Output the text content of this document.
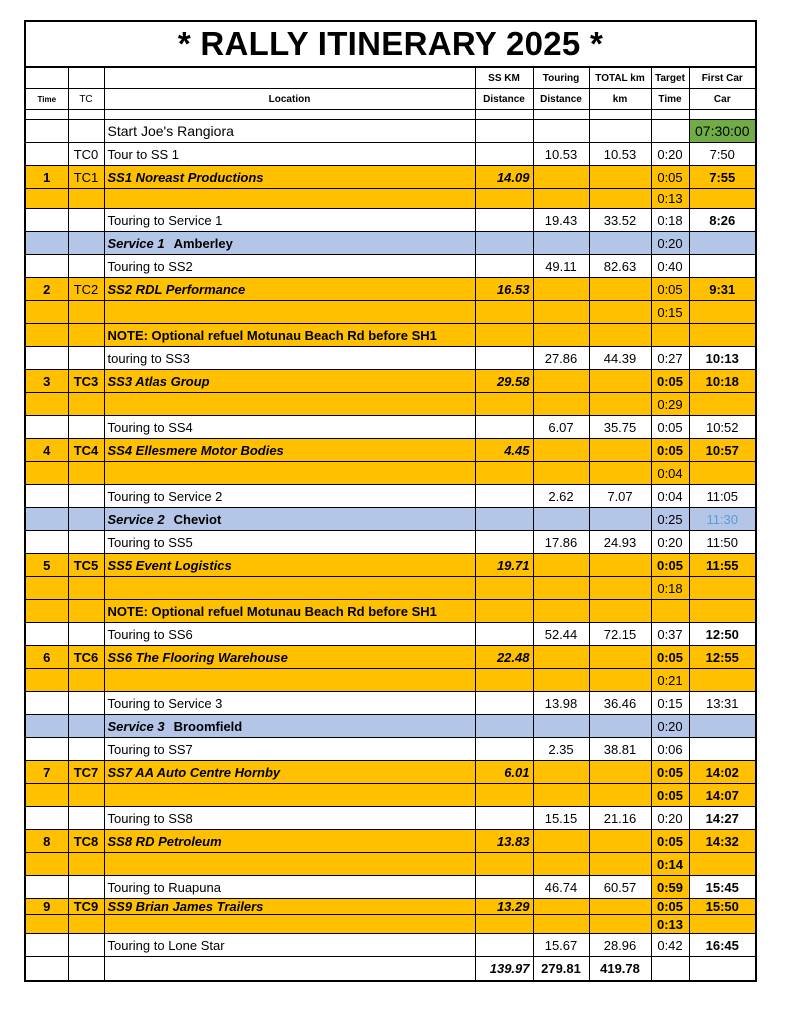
* RALLY ITINERARY 2025 *
			SS KM	Touring	TOTAL km	Target	First Car
Time	TC	Location	Distance	Distance	km	Time	Car

		Start Joe's Rangiora					07:30:00
	TC0	Tour to SS 1		10.53	10.53	0:20	7:50
1	TC1	SS1 Noreast Productions	14.09			0:05	7:55
						0:13	
		Touring to Service 1		19.43	33.52	0:18	8:26
		Service 1 Amberley				0:20	
		Touring to SS2		49.11	82.63	0:40	
2	TC2	SS2 RDL Performance	16.53			0:05	9:31
						0:15	
		NOTE: Optional refuel Motunau Beach Rd before SH1					
		touring to SS3		27.86	44.39	0:27	10:13
3	TC3	SS3 Atlas Group	29.58			0:05	10:18
						0:29	
		Touring to SS4		6.07	35.75	0:05	10:52
4	TC4	SS4 Ellesmere Motor Bodies	4.45			0:05	10:57
						0:04	
		Touring to Service 2		2.62	7.07	0:04	11:05
		Service 2 Cheviot				0:25	11:30
		Touring to SS5		17.86	24.93	0:20	11:50
5	TC5	SS5 Event Logistics	19.71			0:05	11:55
						0:18	
		NOTE: Optional refuel Motunau Beach Rd before SH1					
		Touring to SS6		52.44	72.15	0:37	12:50
6	TC6	SS6 The Flooring Warehouse	22.48			0:05	12:55
						0:21	
		Touring to Service 3		13.98	36.46	0:15	13:31
		Service 3 Broomfield				0:20	
		Touring to SS7		2.35	38.81	0:06	
7	TC7	SS7 AA Auto Centre Hornby	6.01			0:05	14:02
						0:05	14:07
		Touring to SS8		15.15	21.16	0:20	14:27
8	TC8	SS8 RD Petroleum	13.83			0:05	14:32
						0:14	
		Touring to Ruapuna		46.74	60.57	0:59	15:45
9	TC9	SS9 Brian James Trailers	13.29			0:05	15:50
						0:13	
		Touring to Lone Star		15.67	28.96	0:42	16:45
			139.97	279.81	419.78		
